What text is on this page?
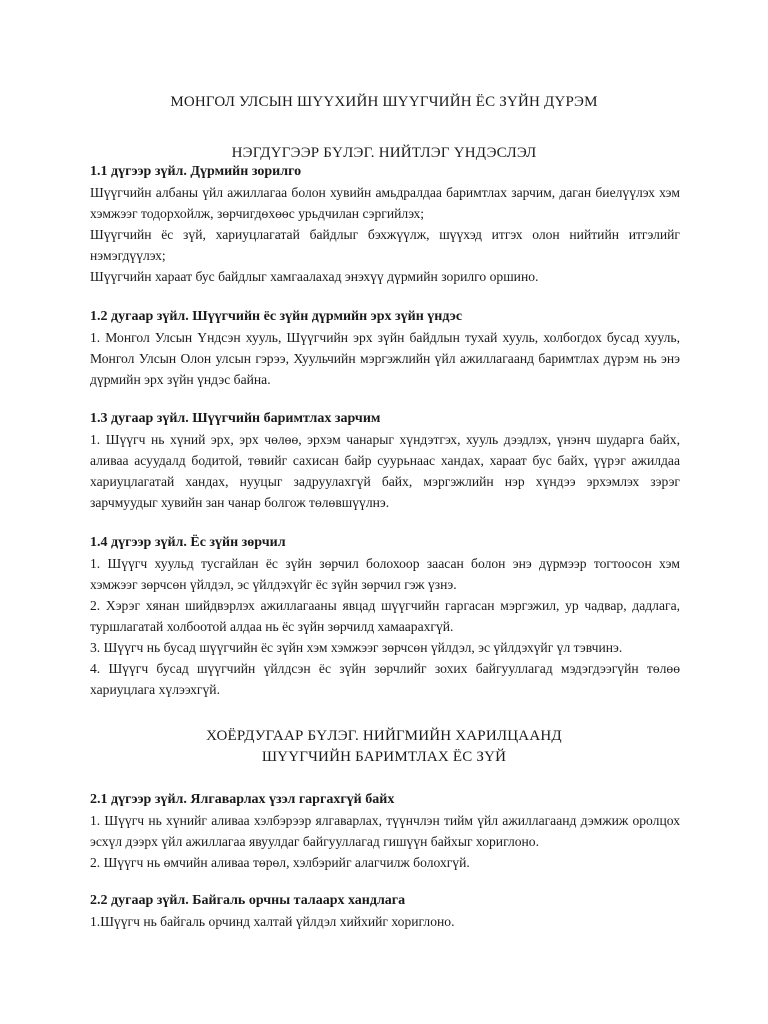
МОНГОЛ УЛСЫН ШҮҮХИЙН ШҮҮГЧИЙН ЁС ЗҮЙН ДҮРЭМ
НЭГДҮГЭЭР БҮЛЭГ. НИЙТЛЭГ ҮНДЭСЛЭЛ

1.1 дүгээр зүйл. Дүрмийн зорилго

Шүүгчийн албаны үйл ажиллагаа болон хувийн амьдралдаа баримтлах зарчим, даган биелүүлэх хэм хэмжээг тодорхойлж, зөрчигдөхөөс урьдчилан сэргийлэх;

Шүүгчийн ёс зүй, хариуцлагатай байдлыг бэхжүүлж, шүүхэд итгэх олон нийтийн итгэлийг нэмэгдүүлэх;

Шүүгчийн хараат бус байдлыг хамгаалахад энэхүү дүрмийн зорилго оршино.

1.2 дугаар зүйл. Шүүгчийн ёс зүйн дүрмийн эрх зүйн үндэс

1. Монгол Улсын Үндсэн хууль, Шүүгчийн эрх зүйн байдлын тухай хууль, холбогдох бусад хууль, Монгол Улсын Олон улсын гэрээ, Хуульчийн мэргэжлийн үйл ажиллагаанд баримтлах дүрэм нь энэ дүрмийн эрх зүйн үндэс байна.

1.3 дугаар зүйл. Шүүгчийн баримтлах зарчим

1. Шүүгч нь хүний эрх, эрх чөлөө, эрхэм чанарыг хүндэтгэх, хууль дээдлэх, үнэнч шударга байх, аливаа асуудалд бодитой, төвийг сахисан байр суурьнаас хандах, хараат бус байх, үүрэг ажилдаа хариуцлагатай хандах, нууцыг задруулахгүй байх, мэргэжлийн нэр хүндээ эрхэмлэх зэрэг зарчмуудыг хувийн зан чанар болгож төлөвшүүлнэ.

1.4 дүгээр зүйл. Ёс зүйн зөрчил

1. Шүүгч хуульд тусгайлан ёс зүйн зөрчил болохоор заасан болон энэ дүрмээр тогтоосон хэм хэмжээг зөрчсөн үйлдэл, эс үйлдэхүйг ёс зүйн зөрчил гэж үзнэ.

2. Хэрэг хянан шийдвэрлэх ажиллагааны явцад шүүгчийн гаргасан мэргэжил, ур чадвар, дадлага, туршлагатай холбоотой алдаа нь ёс зүйн зөрчилд хамаарахгүй.

3. Шүүгч нь бусад шүүгчийн ёс зүйн хэм хэмжээг зөрчсөн үйлдэл, эс үйлдэхүйг үл тэвчинэ.

4. Шүүгч бусад шүүгчийн үйлдсэн ёс зүйн зөрчлийг зохих байгууллагад мэдэгдээгүйн төлөө хариуцлага хүлээхгүй.

ХОЁРДУГААР БҮЛЭГ. НИЙГМИЙН ХАРИЛЦААНД
ШҮҮГЧИЙН БАРИМТЛАХ ЁС ЗҮЙ

2.1 дүгээр зүйл. Ялгаварлах үзэл гаргахгүй байх

1. Шүүгч нь хүнийг аливаа хэлбэрээр ялгаварлах, түүнчлэн тийм үйл ажиллагаанд дэмжиж оролцох эсхүл дээрх үйл ажиллагаа явуулдаг байгууллагад гишүүн байхыг хориглоно.

2. Шүүгч нь өмчийн аливаа төрөл, хэлбэрийг алагчилж болохгүй.

2.2 дугаар зүйл. Байгаль орчны талаарх хандлага

1.Шүүгч нь байгаль орчинд халтай үйлдэл хийхийг хориглоно.
